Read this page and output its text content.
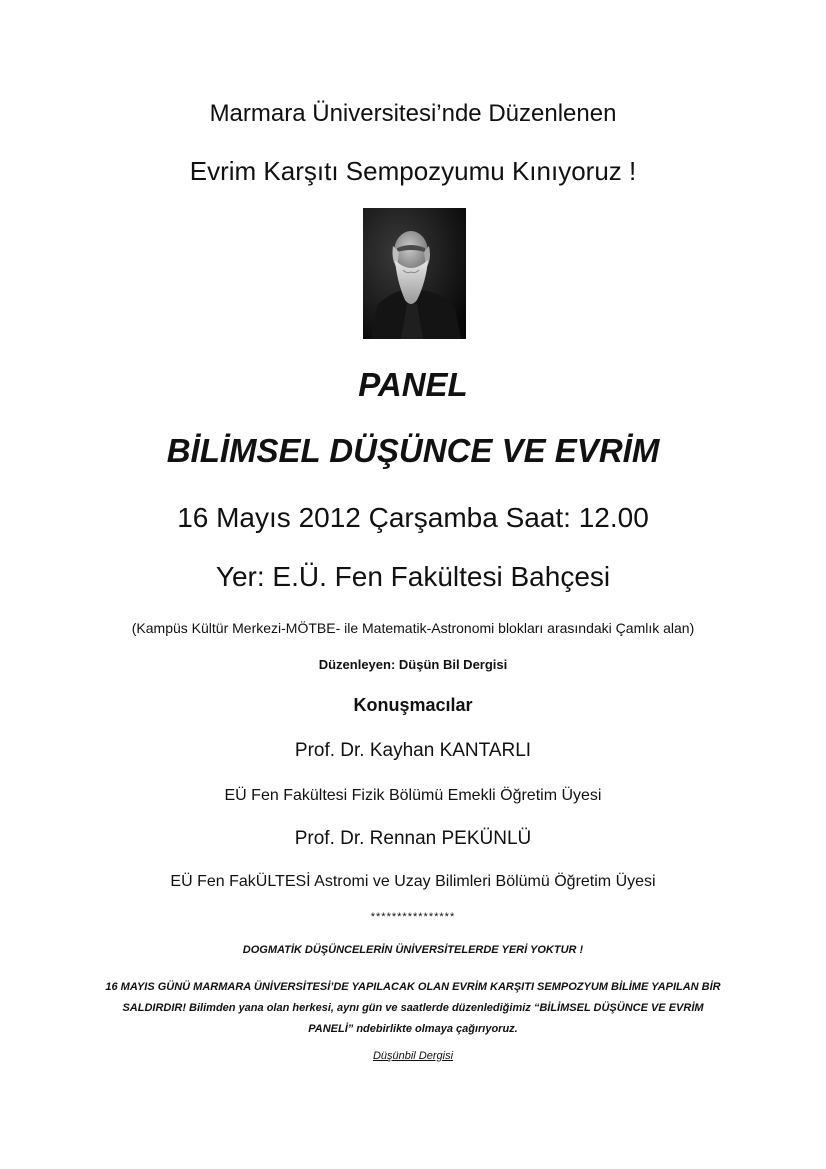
Marmara Üniversitesi’nde Düzenlenen
Evrim Karşıtı Sempozyumu Kınıyoruz !
PANEL
BİLİMSEL DÜŞÜNCE VE EVRİM
16 Mayıs 2012 Çarşamba Saat: 12.00
Yer: E.Ü. Fen Fakültesi Bahçesi
(Kampüs Kültür Merkezi-MÖTBE- ile Matematik-Astronomi blokları arasındaki Çamlık alan)
Düzenleyen: Düşün Bil Dergisi
Konuşmacılar
Prof. Dr. Kayhan KANTARLI
EÜ Fen Fakültesi Fizik Bölümü Emekli Öğretim Üyesi
Prof. Dr. Rennan PEKÜNLÜ
EÜ Fen FakÜLTESİ Astromi ve Uzay Bilimleri Bölümü Öğretim Üyesi
****************
DOGMATİK DÜŞÜNCELERİN ÜNİVERSİTELERDE YERİ YOKTUR !
16 MAYIS GÜNÜ MARMARA ÜNİVERSİTESİ’DE YAPILACAK OLAN EVRİM KARŞITI SEMPOZYUM BİLİME YAPILAN BİR SALDIRDIR! Bilimden yana olan herkesi, aynı gün ve saatlerde düzenlediğimiz “BİLİMSEL DÜŞÜNCE VE EVRİM PANELİ” ndebirlikte olmaya çağırıyoruz.
Düşünbil Dergisi
